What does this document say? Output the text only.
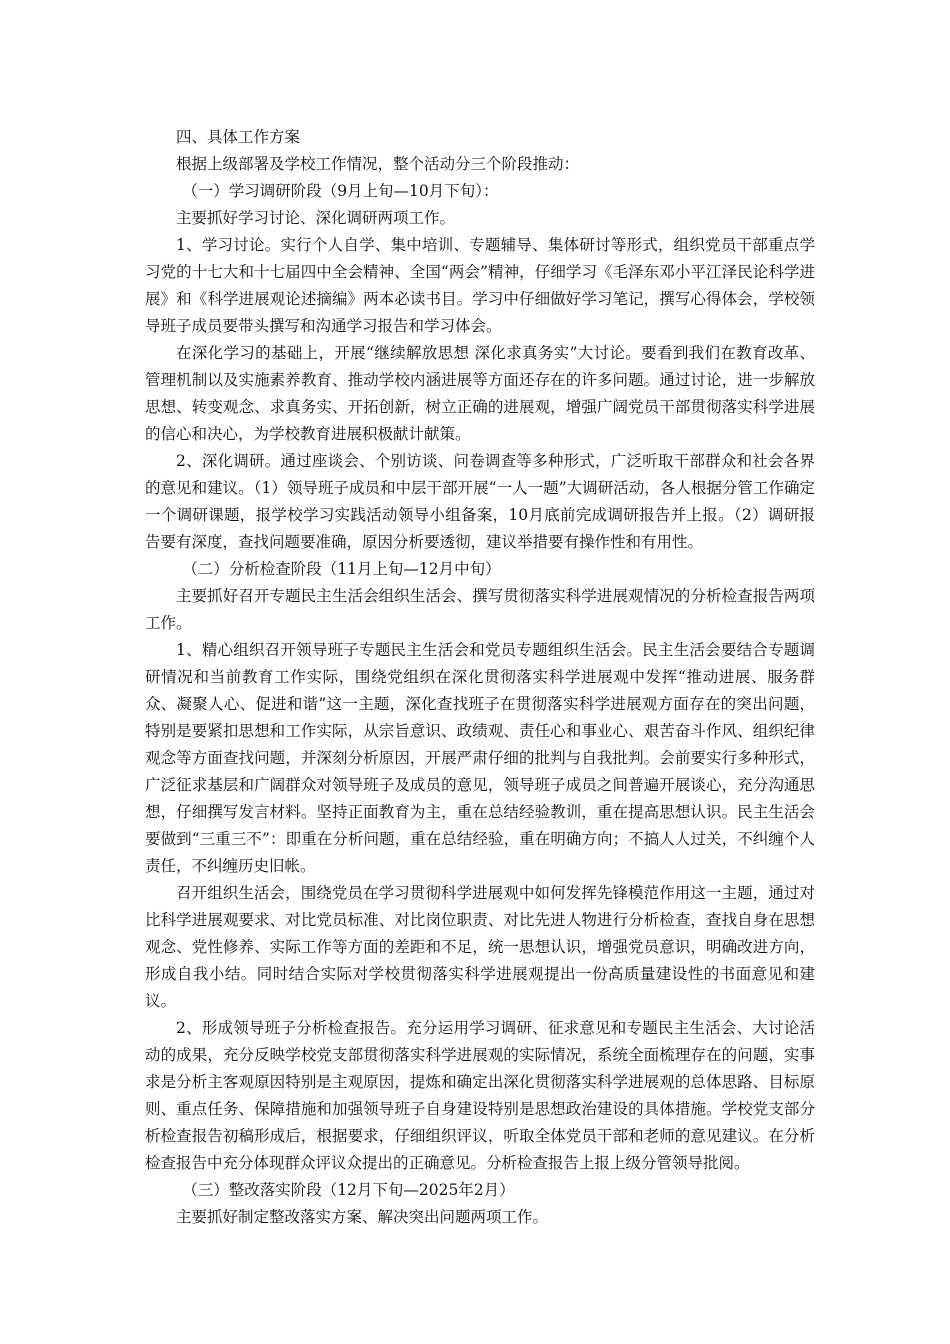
四、具体工作方案

根据上级部署及学校工作情况，整个活动分三个阶段推动：

（一）学习调研阶段（9月上旬—10月下旬）：

主要抓好学习讨论、深化调研两项工作。

1、学习讨论。实行个人自学、集中培训、专题辅导、集体研讨等形式，组织党员干部重点学习党的十七大和十七届四中全会精神、全国“两会”精神，仔细学习《毛泽东邓小平江泽民论科学进展》和《科学进展观论述摘编》两本必读书目。学习中仔细做好学习笔记，撰写心得体会，学校领导班子成员要带头撰写和沟通学习报告和学习体会。

在深化学习的基础上，开展“继续解放思想 深化求真务实”大讨论。要看到我们在教育改革、管理机制以及实施素养教育、推动学校内涵进展等方面还存在的许多问题。通过讨论，进一步解放思想、转变观念、求真务实、开拓创新，树立正确的进展观，增强广阔党员干部贯彻落实科学进展的信心和决心，为学校教育进展积极献计献策。

2、深化调研。通过座谈会、个别访谈、问卷调查等多种形式，广泛听取干部群众和社会各界的意见和建议。（1）领导班子成员和中层干部开展“一人一题”大调研活动，各人根据分管工作确定一个调研课题，报学校学习实践活动领导小组备案，10月底前完成调研报告并上报。（2）调研报告要有深度，查找问题要准确，原因分析要透彻，建议举措要有操作性和有用性。

（二）分析检查阶段（11月上旬—12月中旬）

主要抓好召开专题民主生活会组织生活会、撰写贯彻落实科学进展观情况的分析检查报告两项工作。

1、精心组织召开领导班子专题民主生活会和党员专题组织生活会。民主生活会要结合专题调研情况和当前教育工作实际，围绕党组织在深化贯彻落实科学进展观中发挥“推动进展、服务群众、凝聚人心、促进和谐”这一主题，深化查找班子在贯彻落实科学进展观方面存在的突出问题，特别是要紧扣思想和工作实际，从宗旨意识、政绩观、责任心和事业心、艰苦奋斗作风、组织纪律观念等方面查找问题，并深刻分析原因，开展严肃仔细的批判与自我批判。会前要实行多种形式，广泛征求基层和广阔群众对领导班子及成员的意见，领导班子成员之间普遍开展谈心，充分沟通思想，仔细撰写发言材料。坚持正面教育为主，重在总结经验教训，重在提高思想认识。民主生活会要做到“三重三不”：即重在分析问题，重在总结经验，重在明确方向；不搞人人过关，不纠缠个人责任，不纠缠历史旧帐。

召开组织生活会，围绕党员在学习贯彻科学进展观中如何发挥先锋模范作用这一主题，通过对比科学进展观要求、对比党员标准、对比岗位职责、对比先进人物进行分析检查，查找自身在思想观念、党性修养、实际工作等方面的差距和不足，统一思想认识，增强党员意识，明确改进方向，形成自我小结。同时结合实际对学校贯彻落实科学进展观提出一份高质量建设性的书面意见和建议。

2、形成领导班子分析检查报告。充分运用学习调研、征求意见和专题民主生活会、大讨论活动的成果，充分反映学校党支部贯彻落实科学进展观的实际情况，系统全面梳理存在的问题，实事求是分析主客观原因特别是主观原因，提炼和确定出深化贯彻落实科学进展观的总体思路、目标原则、重点任务、保障措施和加强领导班子自身建设特别是思想政治建设的具体措施。学校党支部分析检查报告初稿形成后，根据要求，仔细组织评议，听取全体党员干部和老师的意见建议。在分析检查报告中充分体现群众评议众提出的正确意见。分析检查报告上报上级分管领导批阅。

（三）整改落实阶段（12月下旬—2025年2月）

主要抓好制定整改落实方案、解决突出问题两项工作。
